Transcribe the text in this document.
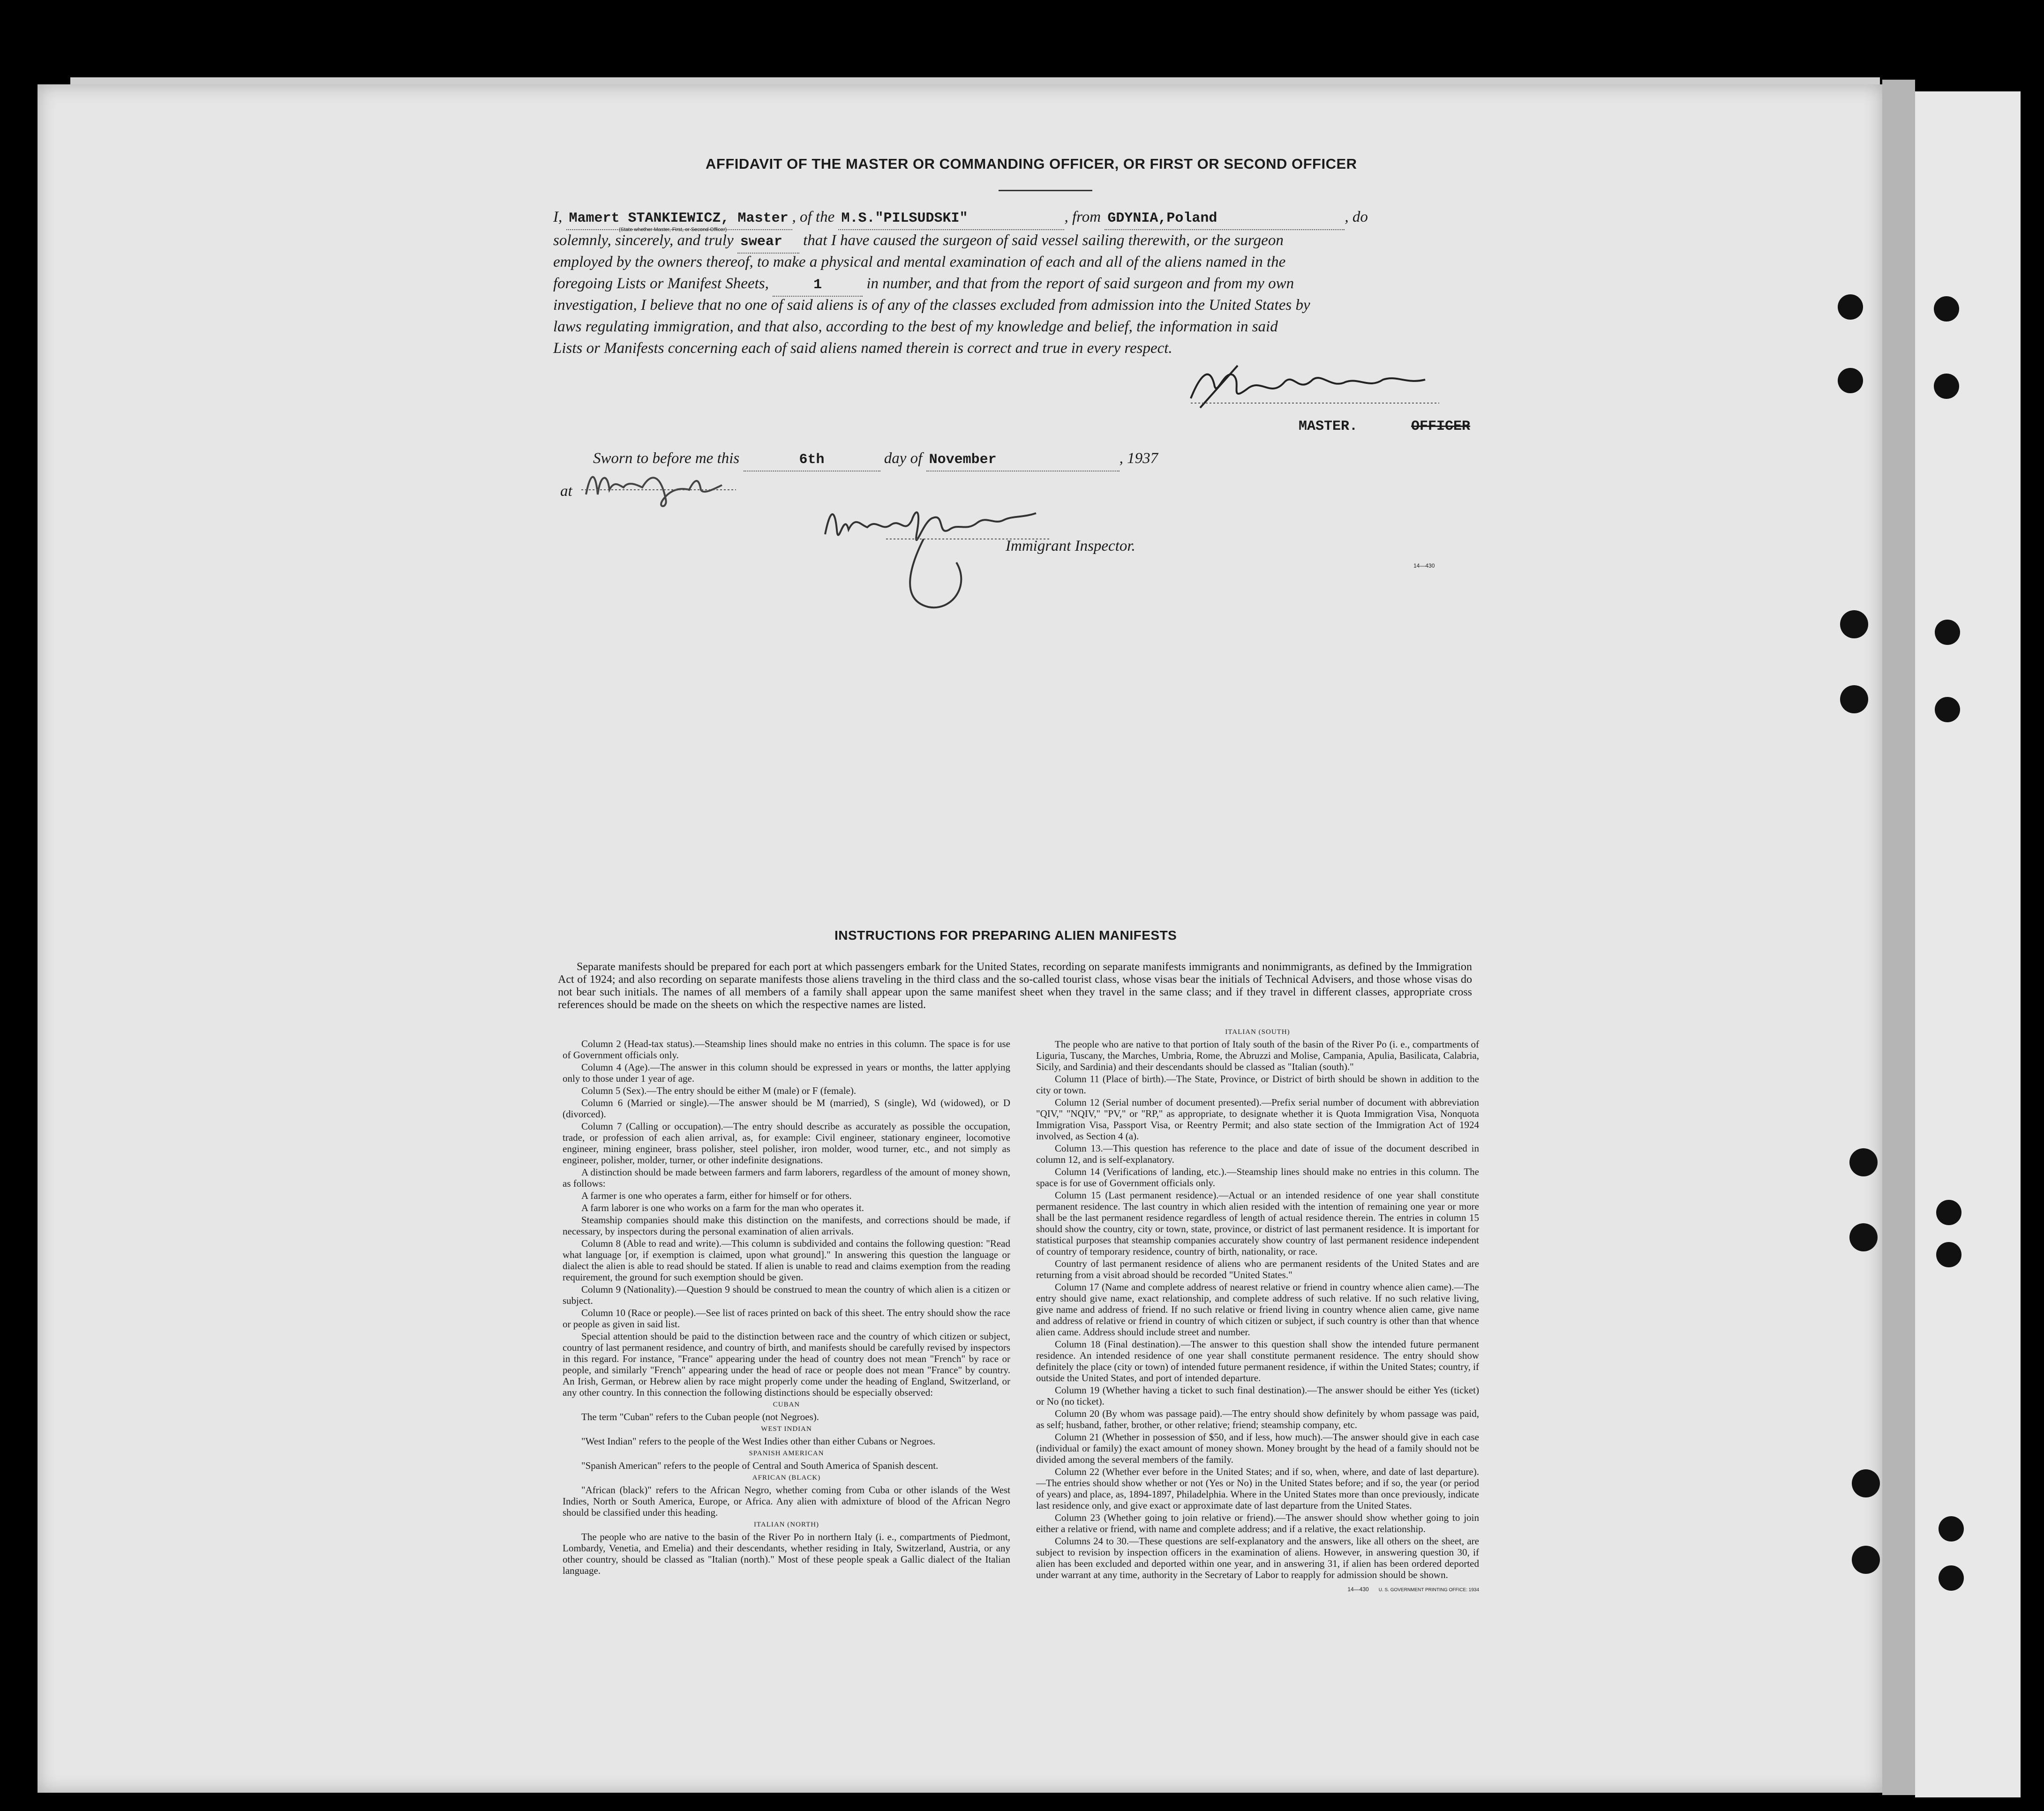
AFFIDAVIT OF THE MASTER OR COMMANDING OFFICER, OR FIRST OR SECOND OFFICER
I, Mamert STANKIEWICZ, Master , of the M.S."PILSUDSKI"	, from GDYNIA,Poland	, do
(State whether Master, First, or Second Officer)
solemnly, sincerely, and truly swear that I have caused the surgeon of said vessel sailing therewith, or the surgeon
employed by the owners thereof, to make a physical and mental examination of each and all of the aliens named in the
foregoing Lists or Manifest Sheets,	1	in number, and that from the report of said surgeon and from my own
investigation, I believe that no one of said aliens is of any of the classes excluded from admission into the United States by
laws regulating immigration, and that also, according to the best of my knowledge and belief, the information in said
Lists or Manifests concerning each of said aliens named therein is correct and true in every respect.
MASTER.	OFFICER
Sworn to before me this	6th	day of November	, 1937
at
Immigrant Inspector.
14—430
INSTRUCTIONS FOR PREPARING ALIEN MANIFESTS

Separate manifests should be prepared for each port at which passengers embark for the United States, recording on separate manifests immigrants and nonimmigrants, as defined by the Immigration Act of 1924; and also recording on separate manifests those aliens traveling in the third class and the so-called tourist class, whose visas bear the initials of Technical Advisers, and those whose visas do not bear such initials. The names of all members of a family shall appear upon the same manifest sheet when they travel in the same class; and if they travel in different classes, appropriate cross references should be made on the sheets on which the respective names are listed.

Column 2 (Head-tax status).—Steamship lines should make no entries in this column. The space is for use of Government officials only.

Column 4 (Age).—The answer in this column should be expressed in years or months, the latter applying only to those under 1 year of age.

Column 5 (Sex).—The entry should be either M (male) or F (female).

Column 6 (Married or single).—The answer should be M (married), S (single), Wd (widowed), or D (divorced).

Column 7 (Calling or occupation).—The entry should describe as accurately as possible the occupation, trade, or profession of each alien arrival, as, for example: Civil engineer, stationary engineer, locomotive engineer, mining engineer, brass polisher, steel polisher, iron molder, wood turner, etc., and not simply as engineer, polisher, molder, turner, or other indefinite designations.

A distinction should be made between farmers and farm laborers, regardless of the amount of money shown, as follows:

A farmer is one who operates a farm, either for himself or for others.

A farm laborer is one who works on a farm for the man who operates it.

Steamship companies should make this distinction on the manifests, and corrections should be made, if necessary, by inspectors during the personal examination of alien arrivals.

Column 8 (Able to read and write).—This column is subdivided and contains the following question: "Read what language [or, if exemption is claimed, upon what ground]." In answering this question the language or dialect the alien is able to read should be stated. If alien is unable to read and claims exemption from the reading requirement, the ground for such exemption should be given.

Column 9 (Nationality).—Question 9 should be construed to mean the country of which alien is a citizen or subject.

Column 10 (Race or people).—See list of races printed on back of this sheet. The entry should show the race or people as given in said list.

Special attention should be paid to the distinction between race and the country of which citizen or subject, country of last permanent residence, and country of birth, and manifests should be carefully revised by inspectors in this regard. For instance, "France" appearing under the head of country does not mean "French" by race or people, and similarly "French" appearing under the head of race or people does not mean "France" by country. An Irish, German, or Hebrew alien by race might properly come under the heading of England, Switzerland, or any other country. In this connection the following distinctions should be especially observed:

CUBAN

The term "Cuban" refers to the Cuban people (not Negroes).

WEST INDIAN

"West Indian" refers to the people of the West Indies other than either Cubans or Negroes.

SPANISH AMERICAN

"Spanish American" refers to the people of Central and South America of Spanish descent.

AFRICAN (BLACK)

"African (black)" refers to the African Negro, whether coming from Cuba or other islands of the West Indies, North or South America, Europe, or Africa. Any alien with admixture of blood of the African Negro should be classified under this heading.

ITALIAN (NORTH)

The people who are native to the basin of the River Po in northern Italy (i. e., compartments of Piedmont, Lombardy, Venetia, and Emelia) and their descendants, whether residing in Italy, Switzerland, Austria, or any other country, should be classed as "Italian (north)." Most of these people speak a Gallic dialect of the Italian language.

ITALIAN (SOUTH)

The people who are native to that portion of Italy south of the basin of the River Po (i. e., compartments of Liguria, Tuscany, the Marches, Umbria, Rome, the Abruzzi and Molise, Campania, Apulia, Basilicata, Calabria, Sicily, and Sardinia) and their descendants should be classed as "Italian (south)."

Column 11 (Place of birth).—The State, Province, or District of birth should be shown in addition to the city or town.

Column 12 (Serial number of document presented).—Prefix serial number of document with abbreviation "QIV," "NQIV," "PV," or "RP," as appropriate, to designate whether it is Quota Immigration Visa, Nonquota Immigration Visa, Passport Visa, or Reentry Permit; and also state section of the Immigration Act of 1924 involved, as Section 4 (a).

Column 13.—This question has reference to the place and date of issue of the document described in column 12, and is self-explanatory.

Column 14 (Verifications of landing, etc.).—Steamship lines should make no entries in this column. The space is for use of Government officials only.

Column 15 (Last permanent residence).—Actual or an intended residence of one year shall constitute permanent residence. The last country in which alien resided with the intention of remaining one year or more shall be the last permanent residence regardless of length of actual residence therein. The entries in column 15 should show the country, city or town, state, province, or district of last permanent residence. It is important for statistical purposes that steamship companies accurately show country of last permanent residence independent of country of temporary residence, country of birth, nationality, or race.

Country of last permanent residence of aliens who are permanent residents of the United States and are returning from a visit abroad should be recorded "United States."

Column 17 (Name and complete address of nearest relative or friend in country whence alien came).—The entry should give name, exact relationship, and complete address of such relative. If no such relative living, give name and address of friend. If no such relative or friend living in country whence alien came, give name and address of relative or friend in country of which citizen or subject, if such country is other than that whence alien came. Address should include street and number.

Column 18 (Final destination).—The answer to this question shall show the intended future permanent residence. An intended residence of one year shall constitute permanent residence. The entry should show definitely the place (city or town) of intended future permanent residence, if within the United States; country, if outside the United States, and port of intended departure.

Column 19 (Whether having a ticket to such final destination).—The answer should be either Yes (ticket) or No (no ticket).

Column 20 (By whom was passage paid).—The entry should show definitely by whom passage was paid, as self; husband, father, brother, or other relative; friend; steamship company, etc.

Column 21 (Whether in possession of $50, and if less, how much).—The answer should give in each case (individual or family) the exact amount of money shown. Money brought by the head of a family should not be divided among the several members of the family.

Column 22 (Whether ever before in the United States; and if so, when, where, and date of last departure).—The entries should show whether or not (Yes or No) in the United States before; and if so, the year (or period of years) and place, as, 1894-1897, Philadelphia. Where in the United States more than once previously, indicate last residence only, and give exact or approximate date of last departure from the United States.

Column 23 (Whether going to join relative or friend).—The answer should show whether going to join either a relative or friend, with name and complete address; and if a relative, the exact relationship.

Columns 24 to 30.—These questions are self-explanatory and the answers, like all others on the sheet, are subject to revision by inspection officers in the examination of aliens. However, in answering question 30, if alien has been excluded and deported within one year, and in answering 31, if alien has been ordered deported under warrant at any time, authority in the Secretary of Labor to reapply for admission should be shown.

14—430 U. S. GOVERNMENT PRINTING OFFICE: 1934
